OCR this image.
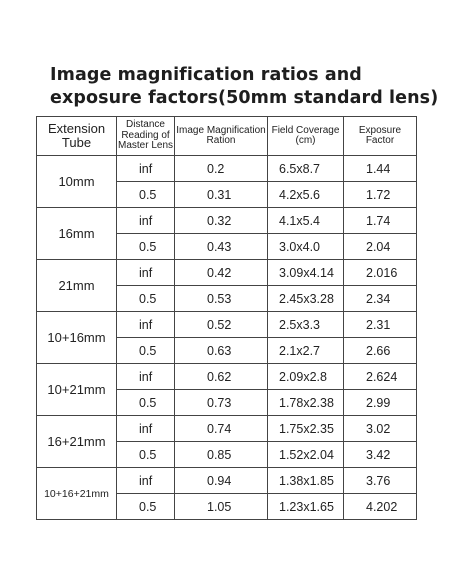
Image magnification ratios and
exposure factors(50mm standard lens)
Extension Tube	Distance Reading of Master Lens	Image Magnification Ration	Field Coverage (cm)	Exposure Factor
10mm	inf	0.2	6.5x8.7	1.44
	0.5	0.31	4.2x5.6	1.72
16mm	inf	0.32	4.1x5.4	1.74
	0.5	0.43	3.0x4.0	2.04
21mm	inf	0.42	3.09x4.14	2.016
	0.5	0.53	2.45x3.28	2.34
10+16mm	inf	0.52	2.5x3.3	2.31
	0.5	0.63	2.1x2.7	2.66
10+21mm	inf	0.62	2.09x2.8	2.624
	0.5	0.73	1.78x2.38	2.99
16+21mm	inf	0.74	1.75x2.35	3.02
	0.5	0.85	1.52x2.04	3.42
10+16+21mm	inf	0.94	1.38x1.85	3.76
	0.5	1.05	1.23x1.65	4.202
